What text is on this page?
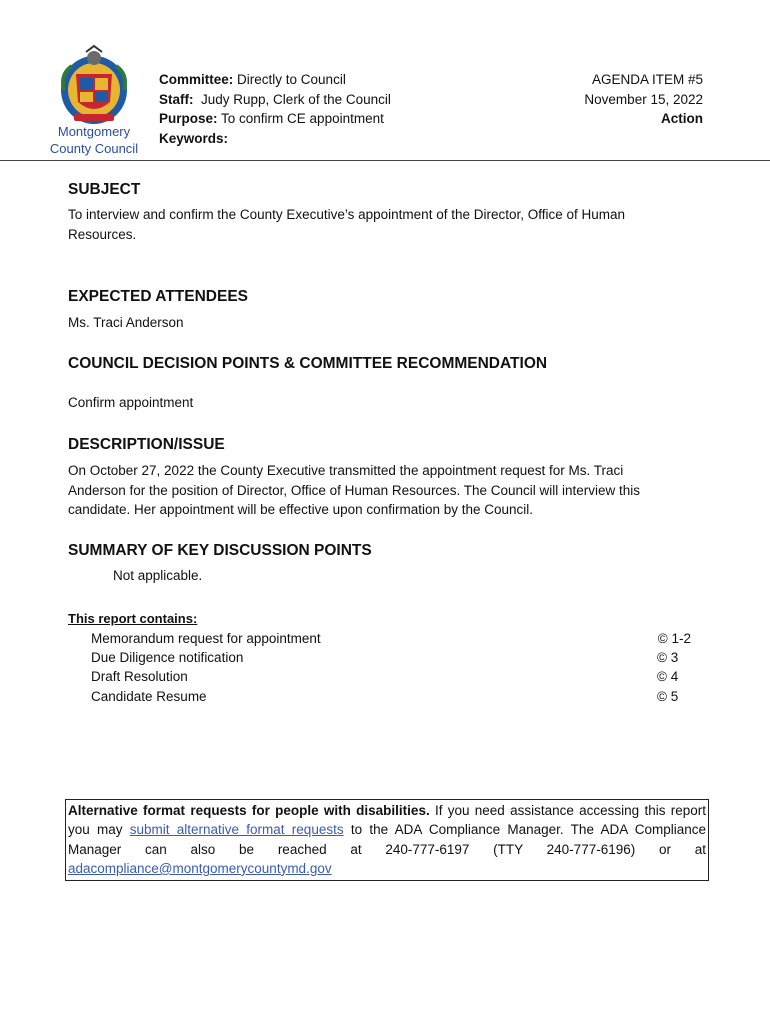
Montgomery
County Council
Committee: Directly to Council
Staff: Judy Rupp, Clerk of the Council
Purpose: To confirm CE appointment
Keywords:
AGENDA ITEM #5
November 15, 2022
Action
SUBJECT
To interview and confirm the County Executive’s appointment of the Director, Office of Human Resources.
EXPECTED ATTENDEES
Ms. Traci Anderson
COUNCIL DECISION POINTS & COMMITTEE RECOMMENDATION
Confirm appointment
DESCRIPTION/ISSUE
On October 27, 2022 the County Executive transmitted the appointment request for Ms. Traci Anderson for the position of Director, Office of Human Resources. The Council will interview this candidate. Her appointment will be effective upon confirmation by the Council.
SUMMARY OF KEY DISCUSSION POINTS
Not applicable.
This report contains:
Memorandum request for appointment	© 1-2
Due Diligence notification	© 3
Draft Resolution	© 4
Candidate Resume	© 5
Alternative format requests for people with disabilities. If you need assistance accessing this report you may submit alternative format requests to the ADA Compliance Manager. The ADA Compliance Manager can also be reached at 240-777-6197 (TTY 240-777-6196) or at adacompliance@montgomerycountymd.gov
